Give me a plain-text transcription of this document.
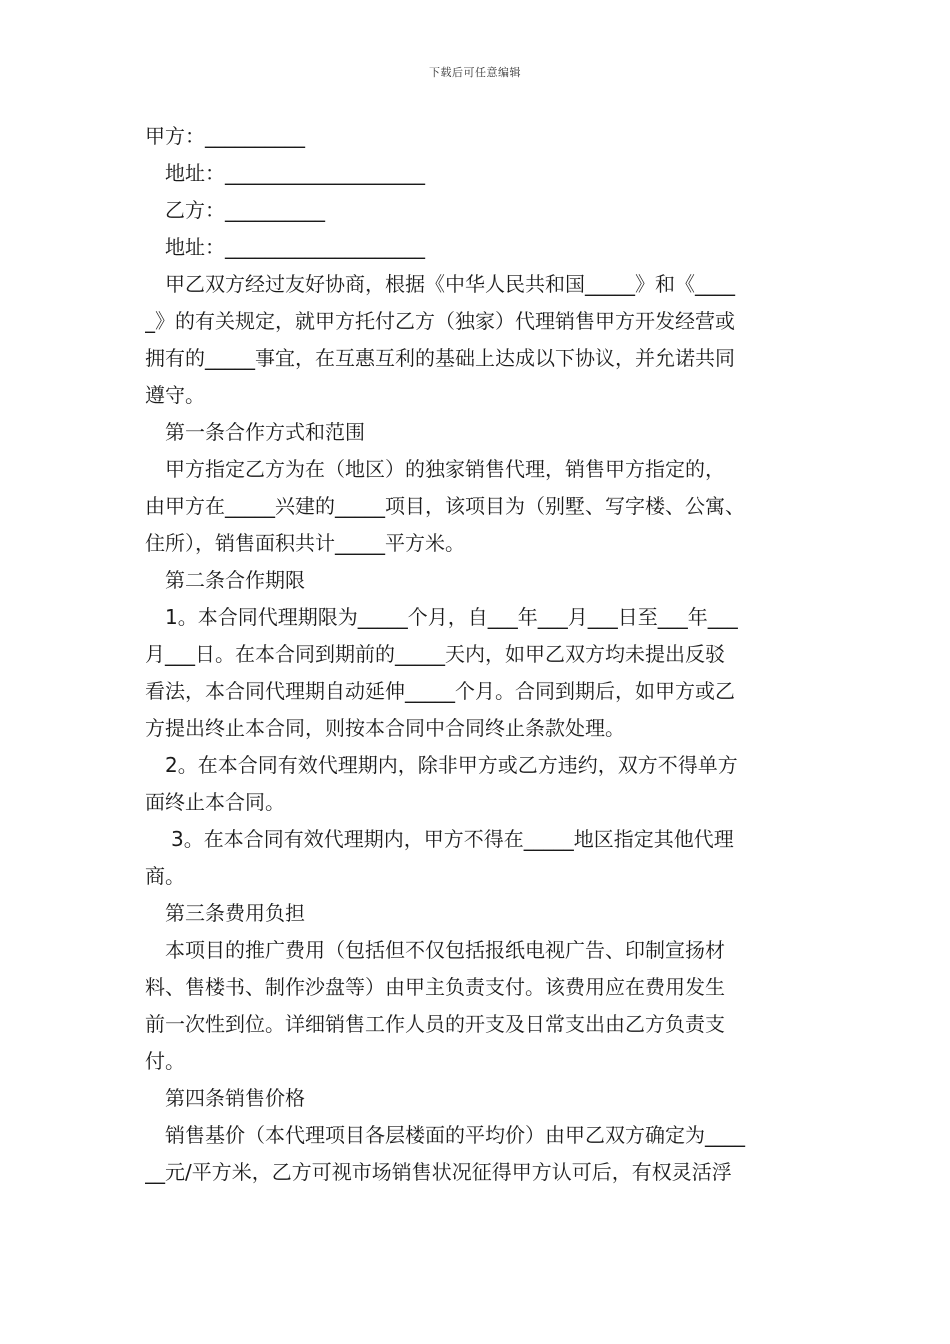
下载后可任意编辑
甲方：__________
地址：____________________
乙方：__________
地址：____________________
甲乙双方经过友好协商，根据《中华人民共和国_____》和《____
_》的有关规定，就甲方托付乙方（独家）代理销售甲方开发经营或
拥有的_____事宜，在互惠互利的基础上达成以下协议，并允诺共同
遵守。
第一条合作方式和范围
甲方指定乙方为在（地区）的独家销售代理，销售甲方指定的，
由甲方在_____兴建的_____项目，该项目为（别墅、写字楼、公寓、
住所），销售面积共计_____平方米。
第二条合作期限
1。本合同代理期限为_____个月，自___年___月___日至___年___
月___日。在本合同到期前的_____天内，如甲乙双方均未提出反驳
看法，本合同代理期自动延伸_____个月。合同到期后，如甲方或乙
方提出终止本合同，则按本合同中合同终止条款处理。
2。在本合同有效代理期内，除非甲方或乙方违约，双方不得单方
面终止本合同。
3。在本合同有效代理期内，甲方不得在_____地区指定其他代理
商。
第三条费用负担
本项目的推广费用（包括但不仅包括报纸电视广告、印制宣扬材
料、售楼书、制作沙盘等）由甲主负责支付。该费用应在费用发生
前一次性到位。详细销售工作人员的开支及日常支出由乙方负责支
付。
第四条销售价格
销售基价（本代理项目各层楼面的平均价）由甲乙双方确定为____
__元/平方米，乙方可视市场销售状况征得甲方认可后，有权灵活浮
